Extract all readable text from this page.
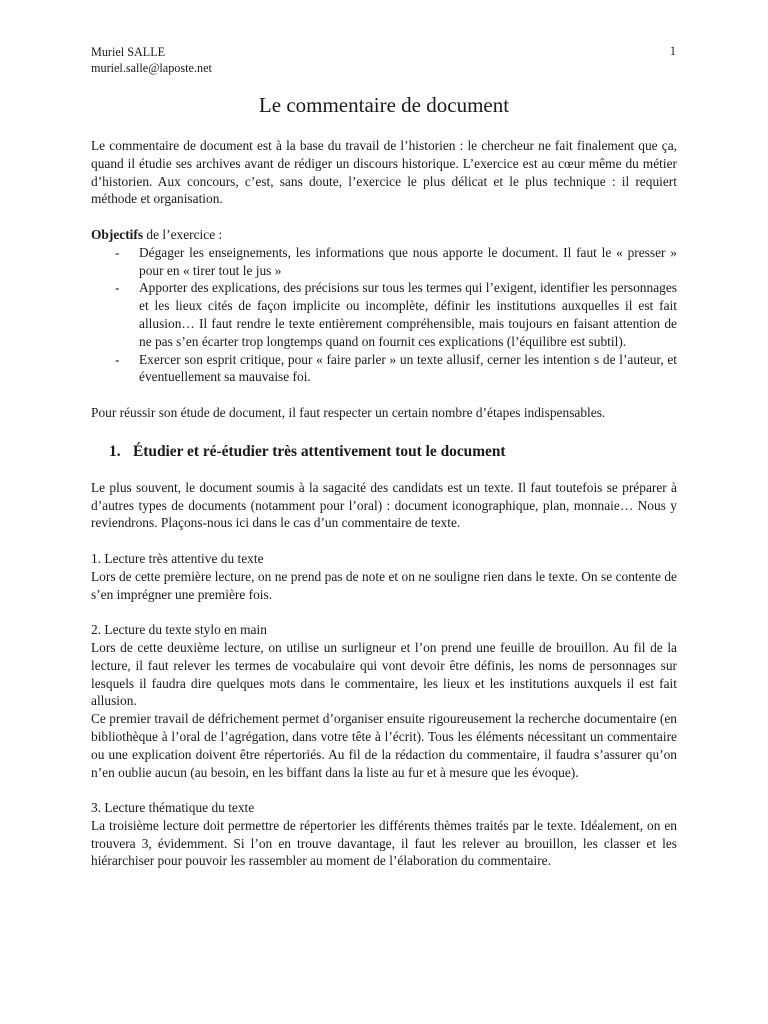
Muriel SALLE
muriel.salle@laposte.net
1
Le commentaire de document

Le commentaire de document est à la base du travail de l’historien : le chercheur ne fait finalement que ça, quand il étudie ses archives avant de rédiger un discours historique. L’exercice est au cœur même du métier d’historien. Aux concours, c’est, sans doute, l’exercice le plus délicat et le plus technique : il requiert méthode et organisation.

Objectifs de l’exercice :

- Dégager les enseignements, les informations que nous apporte le document. Il faut le « presser » pour en « tirer tout le jus »
- Apporter des explications, des précisions sur tous les termes qui l’exigent, identifier les personnages et les lieux cités de façon implicite ou incomplète, définir les institutions auxquelles il est fait allusion… Il faut rendre le texte entièrement compréhensible, mais toujours en faisant attention de ne pas s’en écarter trop longtemps quand on fournit ces explications (l’équilibre est subtil).
- Exercer son esprit critique, pour « faire parler » un texte allusif, cerner les intention s de l’auteur, et éventuellement sa mauvaise foi.

Pour réussir son étude de document, il faut respecter un certain nombre d’étapes indispensables.

1. Étudier et ré-étudier très attentivement tout le document

Le plus souvent, le document soumis à la sagacité des candidats est un texte. Il faut toutefois se préparer à d’autres types de documents (notamment pour l’oral) : document iconographique, plan, monnaie… Nous y reviendrons. Plaçons-nous ici dans le cas d’un commentaire de texte.

1. Lecture très attentive du texte

Lors de cette première lecture, on ne prend pas de note et on ne souligne rien dans le texte. On se contente de s’en imprégner une première fois.

2. Lecture du texte stylo en main

Lors de cette deuxième lecture, on utilise un surligneur et l’on prend une feuille de brouillon. Au fil de la lecture, il faut relever les termes de vocabulaire qui vont devoir être définis, les noms de personnages sur lesquels il faudra dire quelques mots dans le commentaire, les lieux et les institutions auxquels il est fait allusion.

Ce premier travail de défrichement permet d’organiser ensuite rigoureusement la recherche documentaire (en bibliothèque à l’oral de l’agrégation, dans votre tête à l’écrit). Tous les éléments nécessitant un commentaire ou une explication doivent être répertoriés. Au fil de la rédaction du commentaire, il faudra s’assurer qu’on n’en oublie aucun (au besoin, en les biffant dans la liste au fur et à mesure que les évoque).

3. Lecture thématique du texte

La troisième lecture doit permettre de répertorier les différents thèmes traités par le texte. Idéalement, on en trouvera 3, évidemment. Si l’on en trouve davantage, il faut les relever au brouillon, les classer et les hiérarchiser pour pouvoir les rassembler au moment de l’élaboration du commentaire.
